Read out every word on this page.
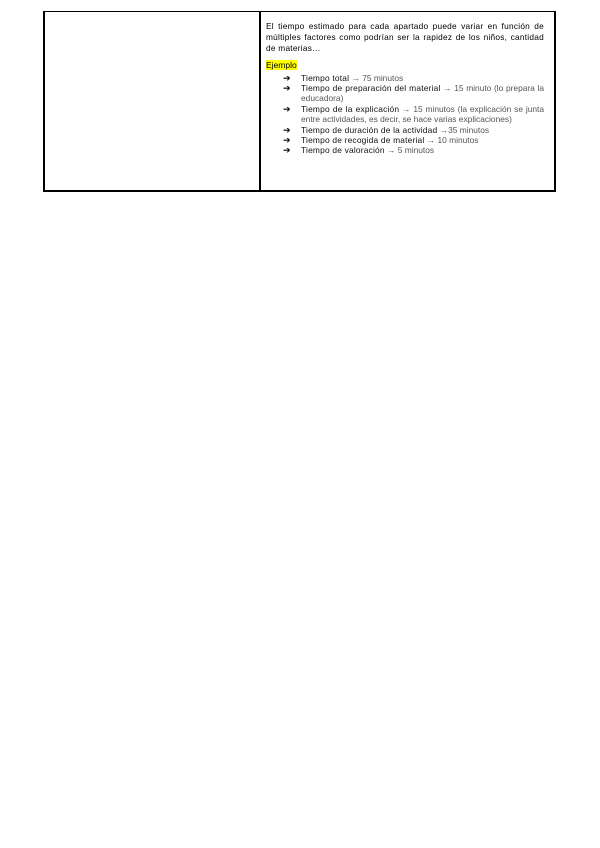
El tiempo estimado para cada apartado puede variar en función de múltiples factores como podrían ser la rapidez de los niños, cantidad de materias…

Ejemplo
➔	Tiempo total → 75 minutos
➔	Tiempo de preparación del material → 15 minuto (lo prepara la educadora)
➔	Tiempo de la explicación → 15 minutos (la explicación se junta entre actividades, es decir, se hace varias explicaciones)
➔	Tiempo de duración de la actividad →35 minutos
➔	Tiempo de recogida de material → 10 minutos
➔	Tiempo de valoración → 5 minutos
